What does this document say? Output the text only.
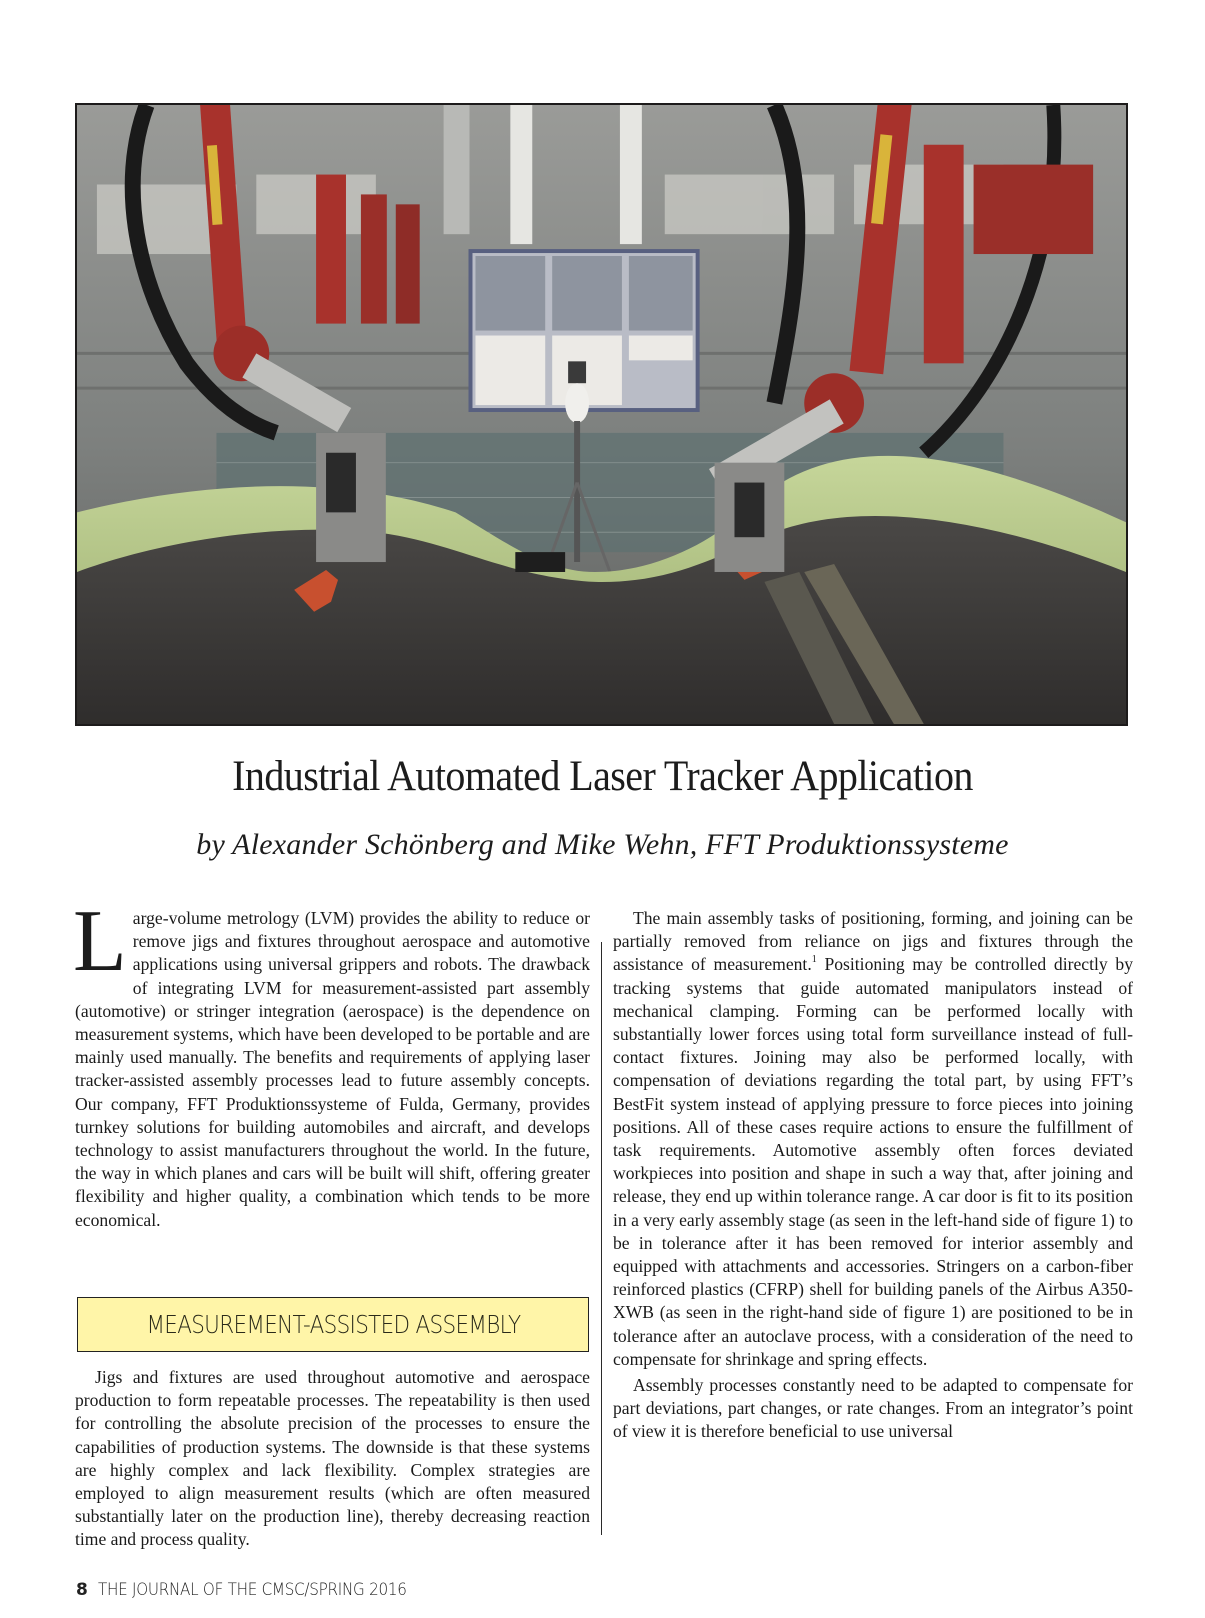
Industrial Automated Laser Tracker Application
by Alexander Schönberg and Mike Wehn, FFT Produktionssysteme

Large-volume metrology (LVM) provides the ability to reduce or remove jigs and fixtures throughout aerospace and automotive applications using universal grippers and robots. The drawback of integrating LVM for measurement-assisted part assembly (automotive) or stringer integration (aerospace) is the dependence on measurement systems, which have been developed to be portable and are mainly used manually. The benefits and requirements of applying laser tracker-assisted assembly processes lead to future assembly concepts. Our company, FFT Produktionssysteme of Fulda, Germany, provides turnkey solutions for building automobiles and aircraft, and develops technology to assist manufacturers throughout the world. In the future, the way in which planes and cars will be built will shift, offering greater flexibility and higher quality, a combination which tends to be more economical.

MEASUREMENT-ASSISTED ASSEMBLY

Jigs and fixtures are used throughout automotive and aerospace production to form repeatable processes. The repeatability is then used for controlling the absolute precision of the processes to ensure the capabilities of production systems. The downside is that these systems are highly complex and lack flexibility. Complex strategies are employed to align measurement results (which are often measured substantially later on the production line), thereby decreasing reaction time and process quality.

The main assembly tasks of positioning, forming, and joining can be partially removed from reliance on jigs and fixtures through the assistance of measurement.$^1$ Positioning may be controlled directly by tracking systems that guide automated manipulators instead of mechanical clamping. Forming can be performed locally with substantially lower forces using total form surveillance instead of full-contact fixtures. Joining may also be performed locally, with compensation of deviations regarding the total part, by using FFT’s BestFit system instead of applying pressure to force pieces into joining positions. All of these cases require actions to ensure the fulfillment of task requirements. Automotive assembly often forces deviated workpieces into position and shape in such a way that, after joining and release, they end up within tolerance range. A car door is fit to its position in a very early assembly stage (as seen in the left-hand side of figure 1) to be in tolerance after it has been removed for interior assembly and equipped with attachments and accessories. Stringers on a carbon-fiber reinforced plastics (CFRP) shell for building panels of the Airbus A350-XWB (as seen in the right-hand side of figure 1) are positioned to be in tolerance after an autoclave process, with a consideration of the need to compensate for shrinkage and spring effects.

Assembly processes constantly need to be adapted to compensate for part deviations, part changes, or rate changes. From an integrator’s point of view it is therefore beneficial to use universal

8 THE JOURNAL OF THE CMSC/SPRING 2016
